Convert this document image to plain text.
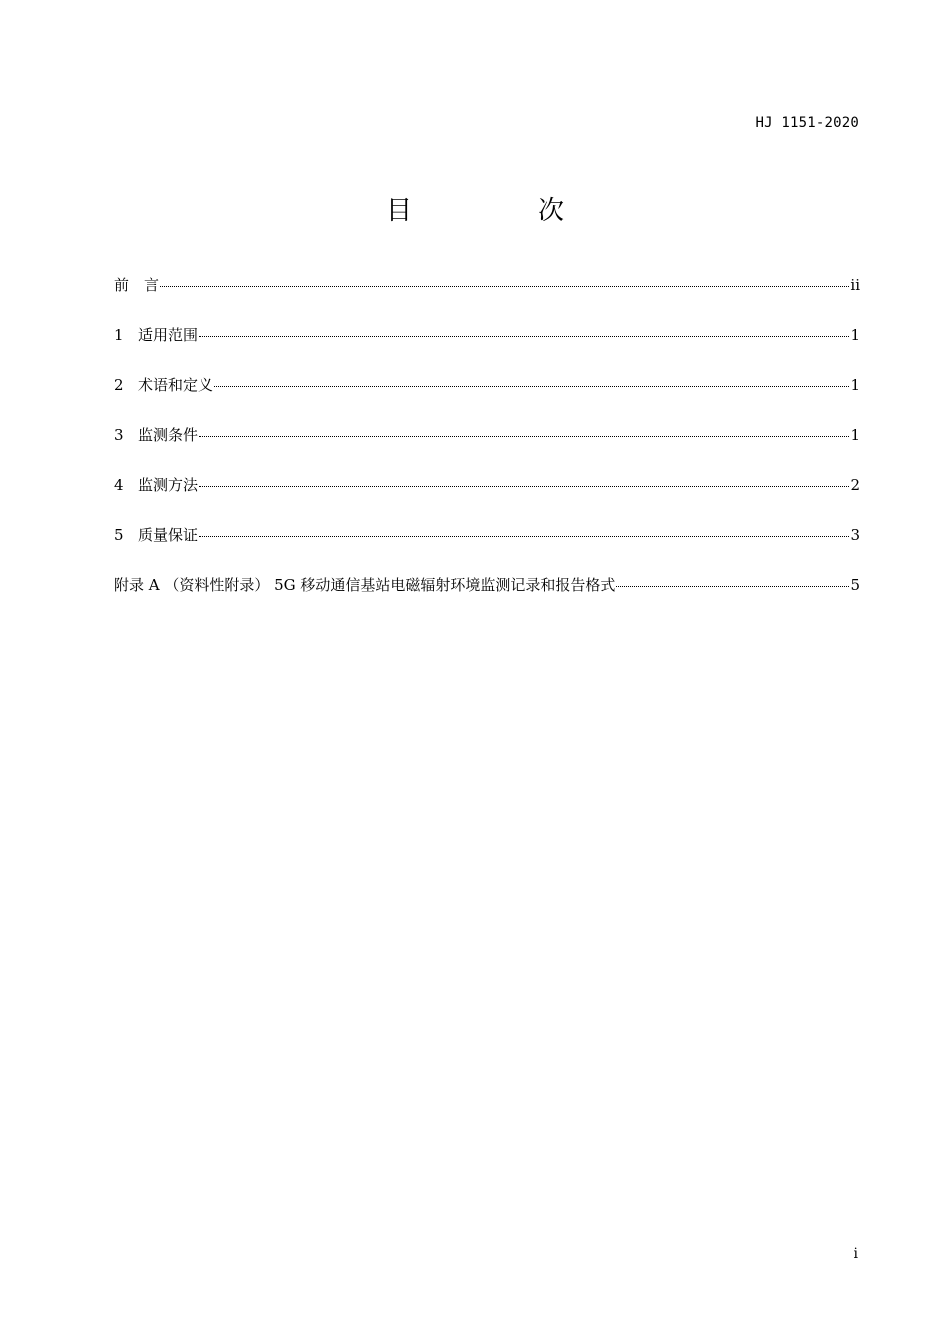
HJ 1151-2020
目　次
前　言	ii
1 适用范围	1
2 术语和定义	1
3 监测条件	1
4 监测方法	2
5 质量保证	3
附录 A （资料性附录） 5G 移动通信基站电磁辐射环境监测记录和报告格式	5
i
